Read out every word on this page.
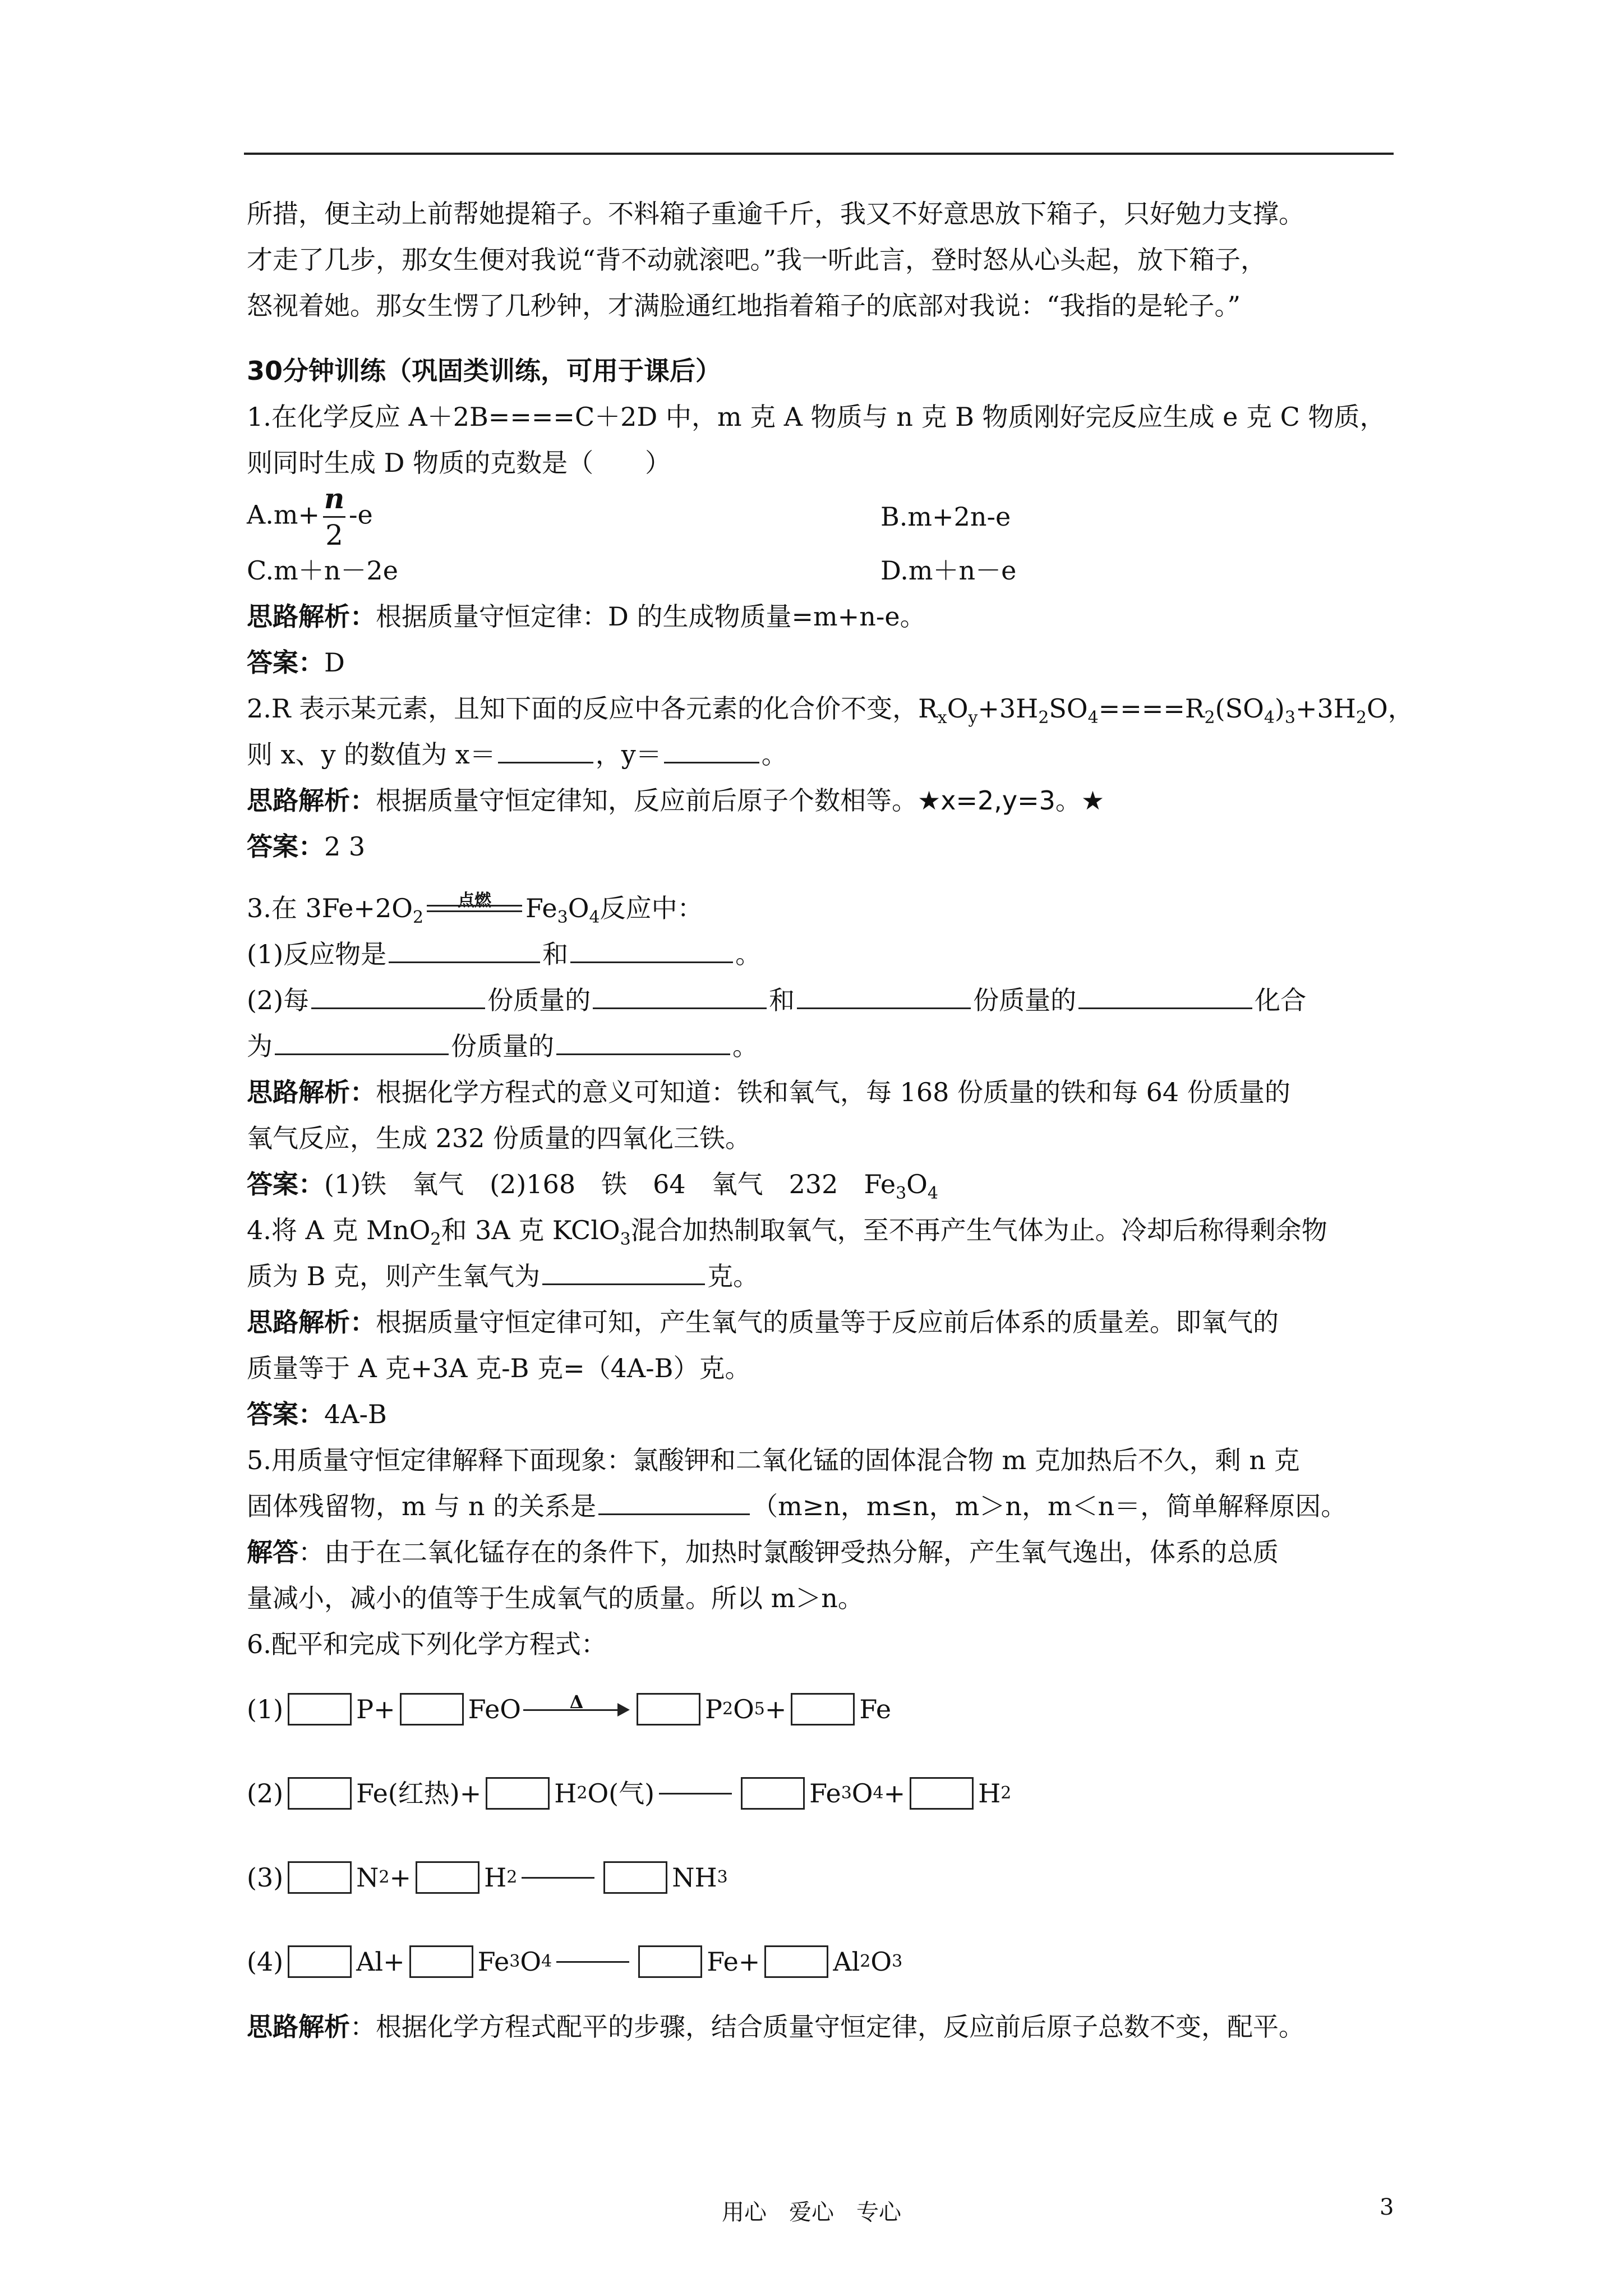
所措，便主动上前帮她提箱子。不料箱子重逾千斤，我又不好意思放下箱子，只好勉力支撑。
才走了几步，那女生便对我说“背不动就滚吧。”我一听此言，登时怒从心头起，放下箱子，
怒视着她。那女生愣了几秒钟，才满脸通红地指着箱子的底部对我说：“我指的是轮子。”
30分钟训练（巩固类训练，可用于课后）
1.在化学反应 A＋2B====C＋2D 中，m 克 A 物质与 n 克 B 物质刚好完反应生成 e 克 C 物质，
则同时生成 D 物质的克数是（　　）
$A.m+ \frac{n}{2} -e$	B.m+2n-e
C.m＋n－2e	D.m＋n－e
思路解析：根据质量守恒定律：D 的生成物质量=m+n-e。
答案：D
2.R 表示某元素，且知下面的反应中各元素的化合价不变，$R_xO_y+3H_2SO_4====R_2(SO_4)_3+3H_2O$，
则 x、y 的数值为 x＝	，y＝	。
思路解析：根据质量守恒定律知，反应前后原子个数相等。★x=2,y=3。★
答案：2 3
3.在 $3Fe+2O_2$
点燃	$Fe_3O_4$反应中：
(1)反应物是	和	。
(2)每	份质量的	和	份质量的	化合
为	份质量的	。
思路解析：根据化学方程式的意义可知道：铁和氧气，每 168 份质量的铁和每 64 份质量的
氧气反应，生成 232 份质量的四氧化三铁。
答案：(1)铁　氧气　(2)168　铁　64　氧气　232　$Fe_3O_4$
4.将 A 克 MnO$_2$和 3A 克 KClO$_3$混合加热制取氧气，至不再产生气体为止。冷却后称得剩余物
质为 B 克，则产生氧气为	克。
思路解析：根据质量守恒定律可知，产生氧气的质量等于反应前后体系的质量差。即氧气的
质量等于 A 克+3A 克-B 克=（4A-B）克。
答案：4A-B
5.用质量守恒定律解释下面现象：氯酸钾和二氧化锰的固体混合物 m 克加热后不久，剩 n 克
固体残留物，m 与 n 的关系是	（m≥n，m≤n，m＞n，m＜n＝，简单解释原因。
解答：由于在二氧化锰存在的条件下，加热时氯酸钾受热分解，产生氧气逸出，体系的总质
量减小，减小的值等于生成氧气的质量。所以 m＞n。
6.配平和完成下列化学方程式：
(1)	P+	FeO	Δ	P 2 O 5 +	Fe
(2)	Fe(红热)+	H 2 O(气)	Fe 3 O 4 +	H 2
(3)	N 2 +	H 2	NH 3
(4)	Al+	Fe 3 O 4	Fe+	Al 2 O 3
思路解析：根据化学方程式配平的步骤，结合质量守恒定律，反应前后原子总数不变，配平。
用心　爱心　专心	3
